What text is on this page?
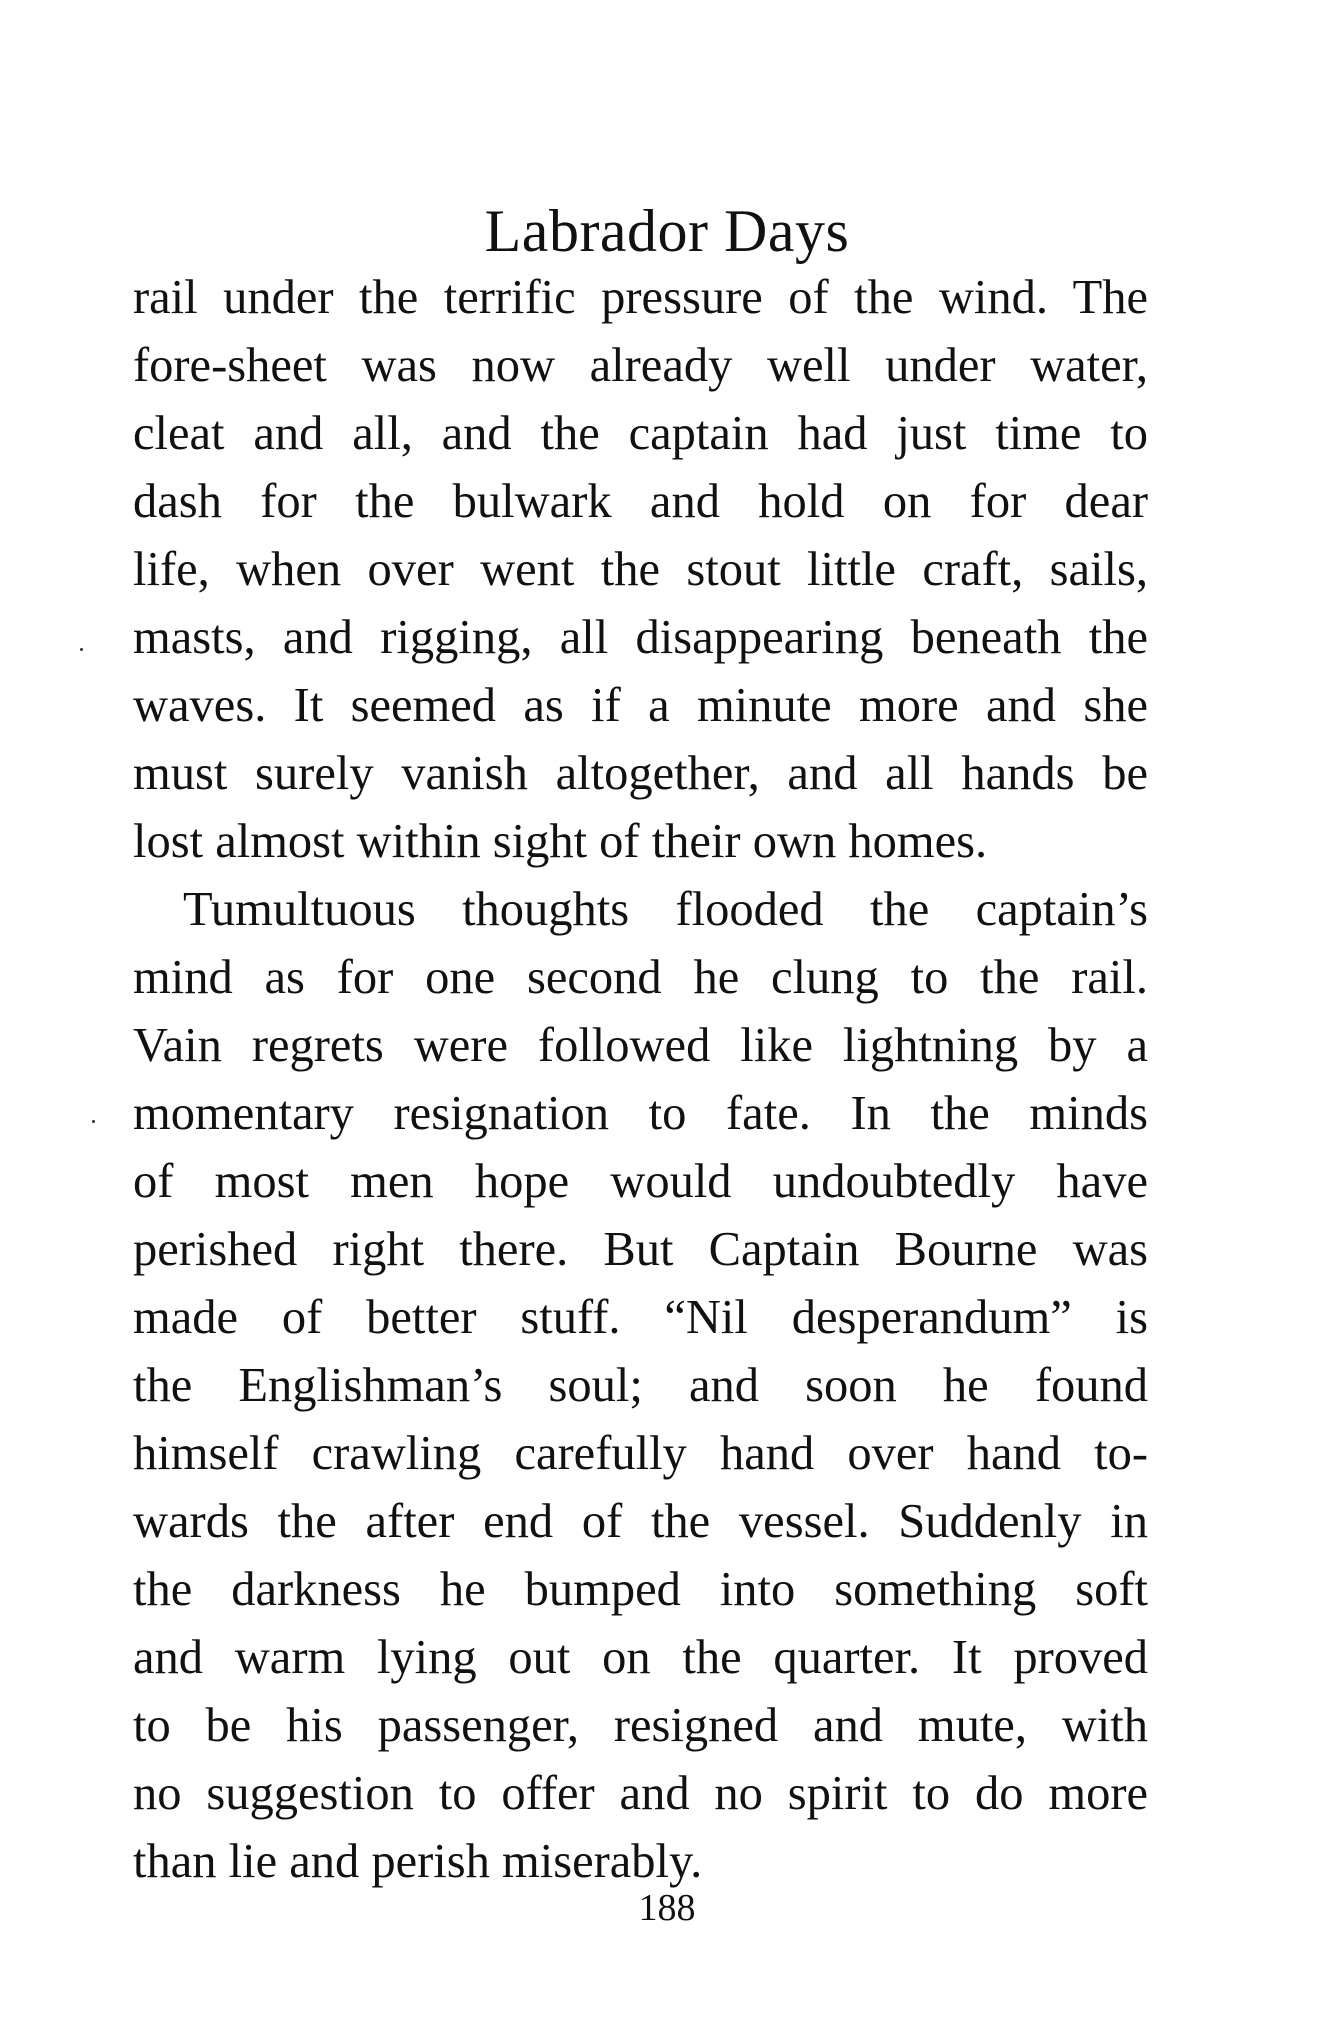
Labrador Days
rail under the terrific pressure of the wind. The
fore-sheet was now already well under water,
cleat and all, and the captain had just time to
dash for the bulwark and hold on for dear
life, when over went the stout little craft, sails,
masts, and rigging, all disappearing beneath the
waves. It seemed as if a minute more and she
must surely vanish altogether, and all hands be
lost almost within sight of their own homes.
Tumultuous thoughts flooded the captain’s
mind as for one second he clung to the rail.
Vain regrets were followed like lightning by a
momentary resignation to fate. In the minds
of most men hope would undoubtedly have
perished right there. But Captain Bourne was
made of better stuff. “Nil desperandum” is
the Englishman’s soul; and soon he found
himself crawling carefully hand over hand to-
wards the after end of the vessel. Suddenly in
the darkness he bumped into something soft
and warm lying out on the quarter. It proved
to be his passenger, resigned and mute, with
no suggestion to offer and no spirit to do more
than lie and perish miserably.
188
